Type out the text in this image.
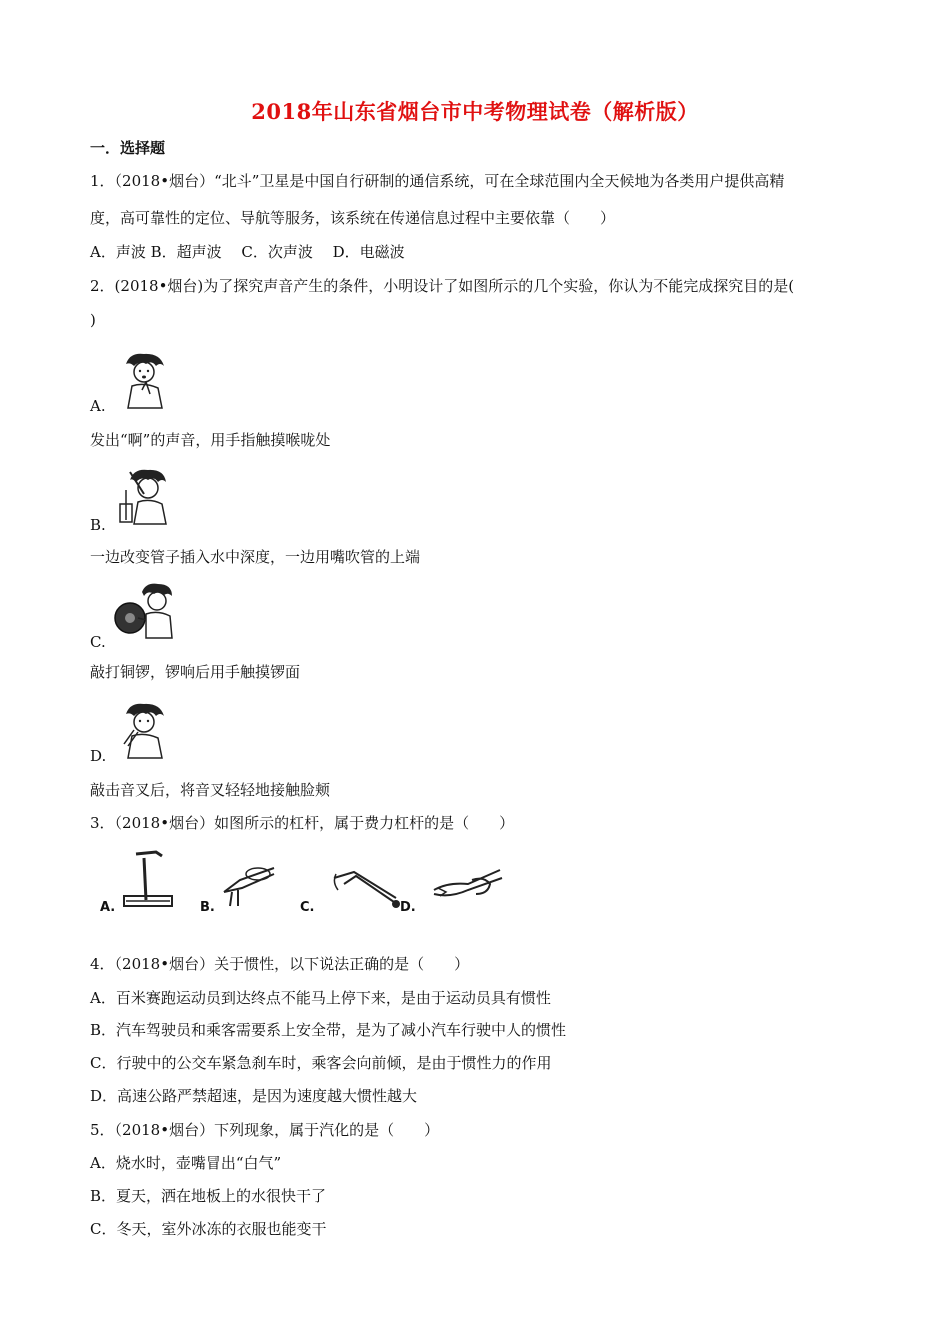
2018年山东省烟台市中考物理试卷（解析版）
一．选择题
1．（2018•烟台）“北斗”卫星是中国自行研制的通信系统，可在全球范围内全天候地为各类用户提供高精
度，高可靠性的定位、导航等服务，该系统在传递信息过程中主要依靠（　　）
A．声波 B．超声波　 C．次声波　 D．电磁波
2．(2018•烟台)为了探究声音产生的条件，小明设计了如图所示的几个实验，你认为不能完成探究目的是(
)
A.
发出“啊”的声音，用手指触摸喉咙处
B.
一边改变管子插入水中深度，一边用嘴吹管的上端
C.
敲打铜锣，锣响后用手触摸锣面
D.
敲击音叉后，将音叉轻轻地接触脸颊
3．（2018•烟台）如图所示的杠杆，属于费力杠杆的是（　　）
A.	B.	C.	D.
4．（2018•烟台）关于惯性，以下说法正确的是（　　）
A．百米赛跑运动员到达终点不能马上停下来，是由于运动员具有惯性
B．汽车驾驶员和乘客需要系上安全带，是为了减小汽车行驶中人的惯性
C．行驶中的公交车紧急刹车时，乘客会向前倾，是由于惯性力的作用
D．高速公路严禁超速，是因为速度越大惯性越大
5．（2018•烟台）下列现象，属于汽化的是（　　）
A．烧水时，壶嘴冒出“白气”
B．夏天，洒在地板上的水很快干了
C．冬天，室外冰冻的衣服也能变干
